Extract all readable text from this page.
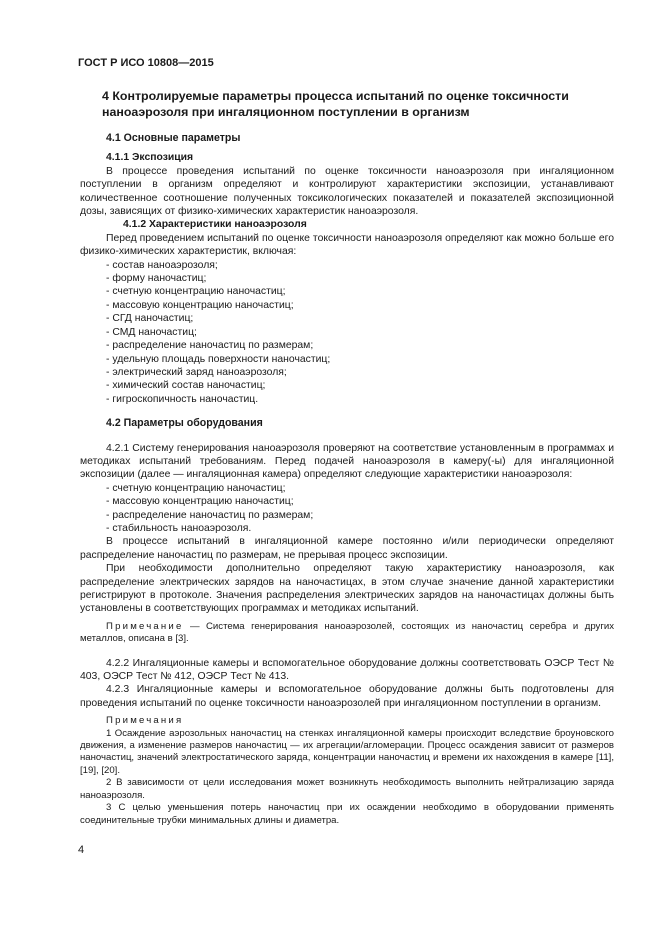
ГОСТ Р ИСО 10808—2015
4 Контролируемые параметры процесса испытаний по оценке токсичности наноаэрозоля при ингаляционном поступлении в организм
4.1 Основные параметры
4.1.1 Экспозиция
В процессе проведения испытаний по оценке токсичности наноаэрозоля при ингаляционном поступлении в организм определяют и контролируют характеристики экспозиции, устанавливают количественное соотношение полученных токсикологических показателей и показателей экспозиционной дозы, зависящих от физико-химических характеристик наноаэрозоля.
4.1.2 Характеристики наноаэрозоля
Перед проведением испытаний по оценке токсичности наноаэрозоля определяют как можно больше его физико-химических характеристик, включая:
- состав наноаэрозоля;
- форму наночастиц;
- счетную концентрацию наночастиц;
- массовую концентрацию наночастиц;
- СГД наночастиц;
- СМД наночастиц;
- распределение наночастиц по размерам;
- удельную площадь поверхности наночастиц;
- электрический заряд наноаэрозоля;
- химический состав наночастиц;
- гигроскопичность наночастиц.
4.2 Параметры оборудования
4.2.1 Систему генерирования наноаэрозоля проверяют на соответствие установленным в программах и методиках испытаний требованиям. Перед подачей наноаэрозоля в камеру(-ы) для ингаляционной экспозиции (далее — ингаляционная камера) определяют следующие характеристики наноаэрозоля:
- счетную концентрацию наночастиц;
- массовую концентрацию наночастиц;
- распределение наночастиц по размерам;
- стабильность наноаэрозоля.
В процессе испытаний в ингаляционной камере постоянно и/или периодически определяют распределение наночастиц по размерам, не прерывая процесс экспозиции.
При необходимости дополнительно определяют такую характеристику наноаэрозоля, как распределение электрических зарядов на наночастицах, в этом случае значение данной характеристики регистрируют в протоколе. Значения распределения электрических зарядов на наночастицах должны быть установлены в соответствующих программах и методиках испытаний.
Примечание — Система генерирования наноаэрозолей, состоящих из наночастиц серебра и других металлов, описана в [3].
4.2.2 Ингаляционные камеры и вспомогательное оборудование должны соответствовать ОЭСР Тест № 403, ОЭСР Тест № 412, ОЭСР Тест № 413.
4.2.3 Ингаляционные камеры и вспомогательное оборудование должны быть подготовлены для проведения испытаний по оценке токсичности наноаэрозолей при ингаляционном поступлении в организм.
Примечания
1 Осаждение аэрозольных наночастиц на стенках ингаляционной камеры происходит вследствие броуновского движения, а изменение размеров наночастиц — их агрегации/агломерации. Процесс осаждения зависит от размеров наночастиц, значений электростатического заряда, концентрации наночастиц и времени их нахождения в камере [11], [19], [20].
2 В зависимости от цели исследования может возникнуть необходимость выполнить нейтрализацию заряда наноаэрозоля.
3 С целью уменьшения потерь наночастиц при их осаждении необходимо в оборудовании применять соединительные трубки минимальных длины и диаметра.
4
